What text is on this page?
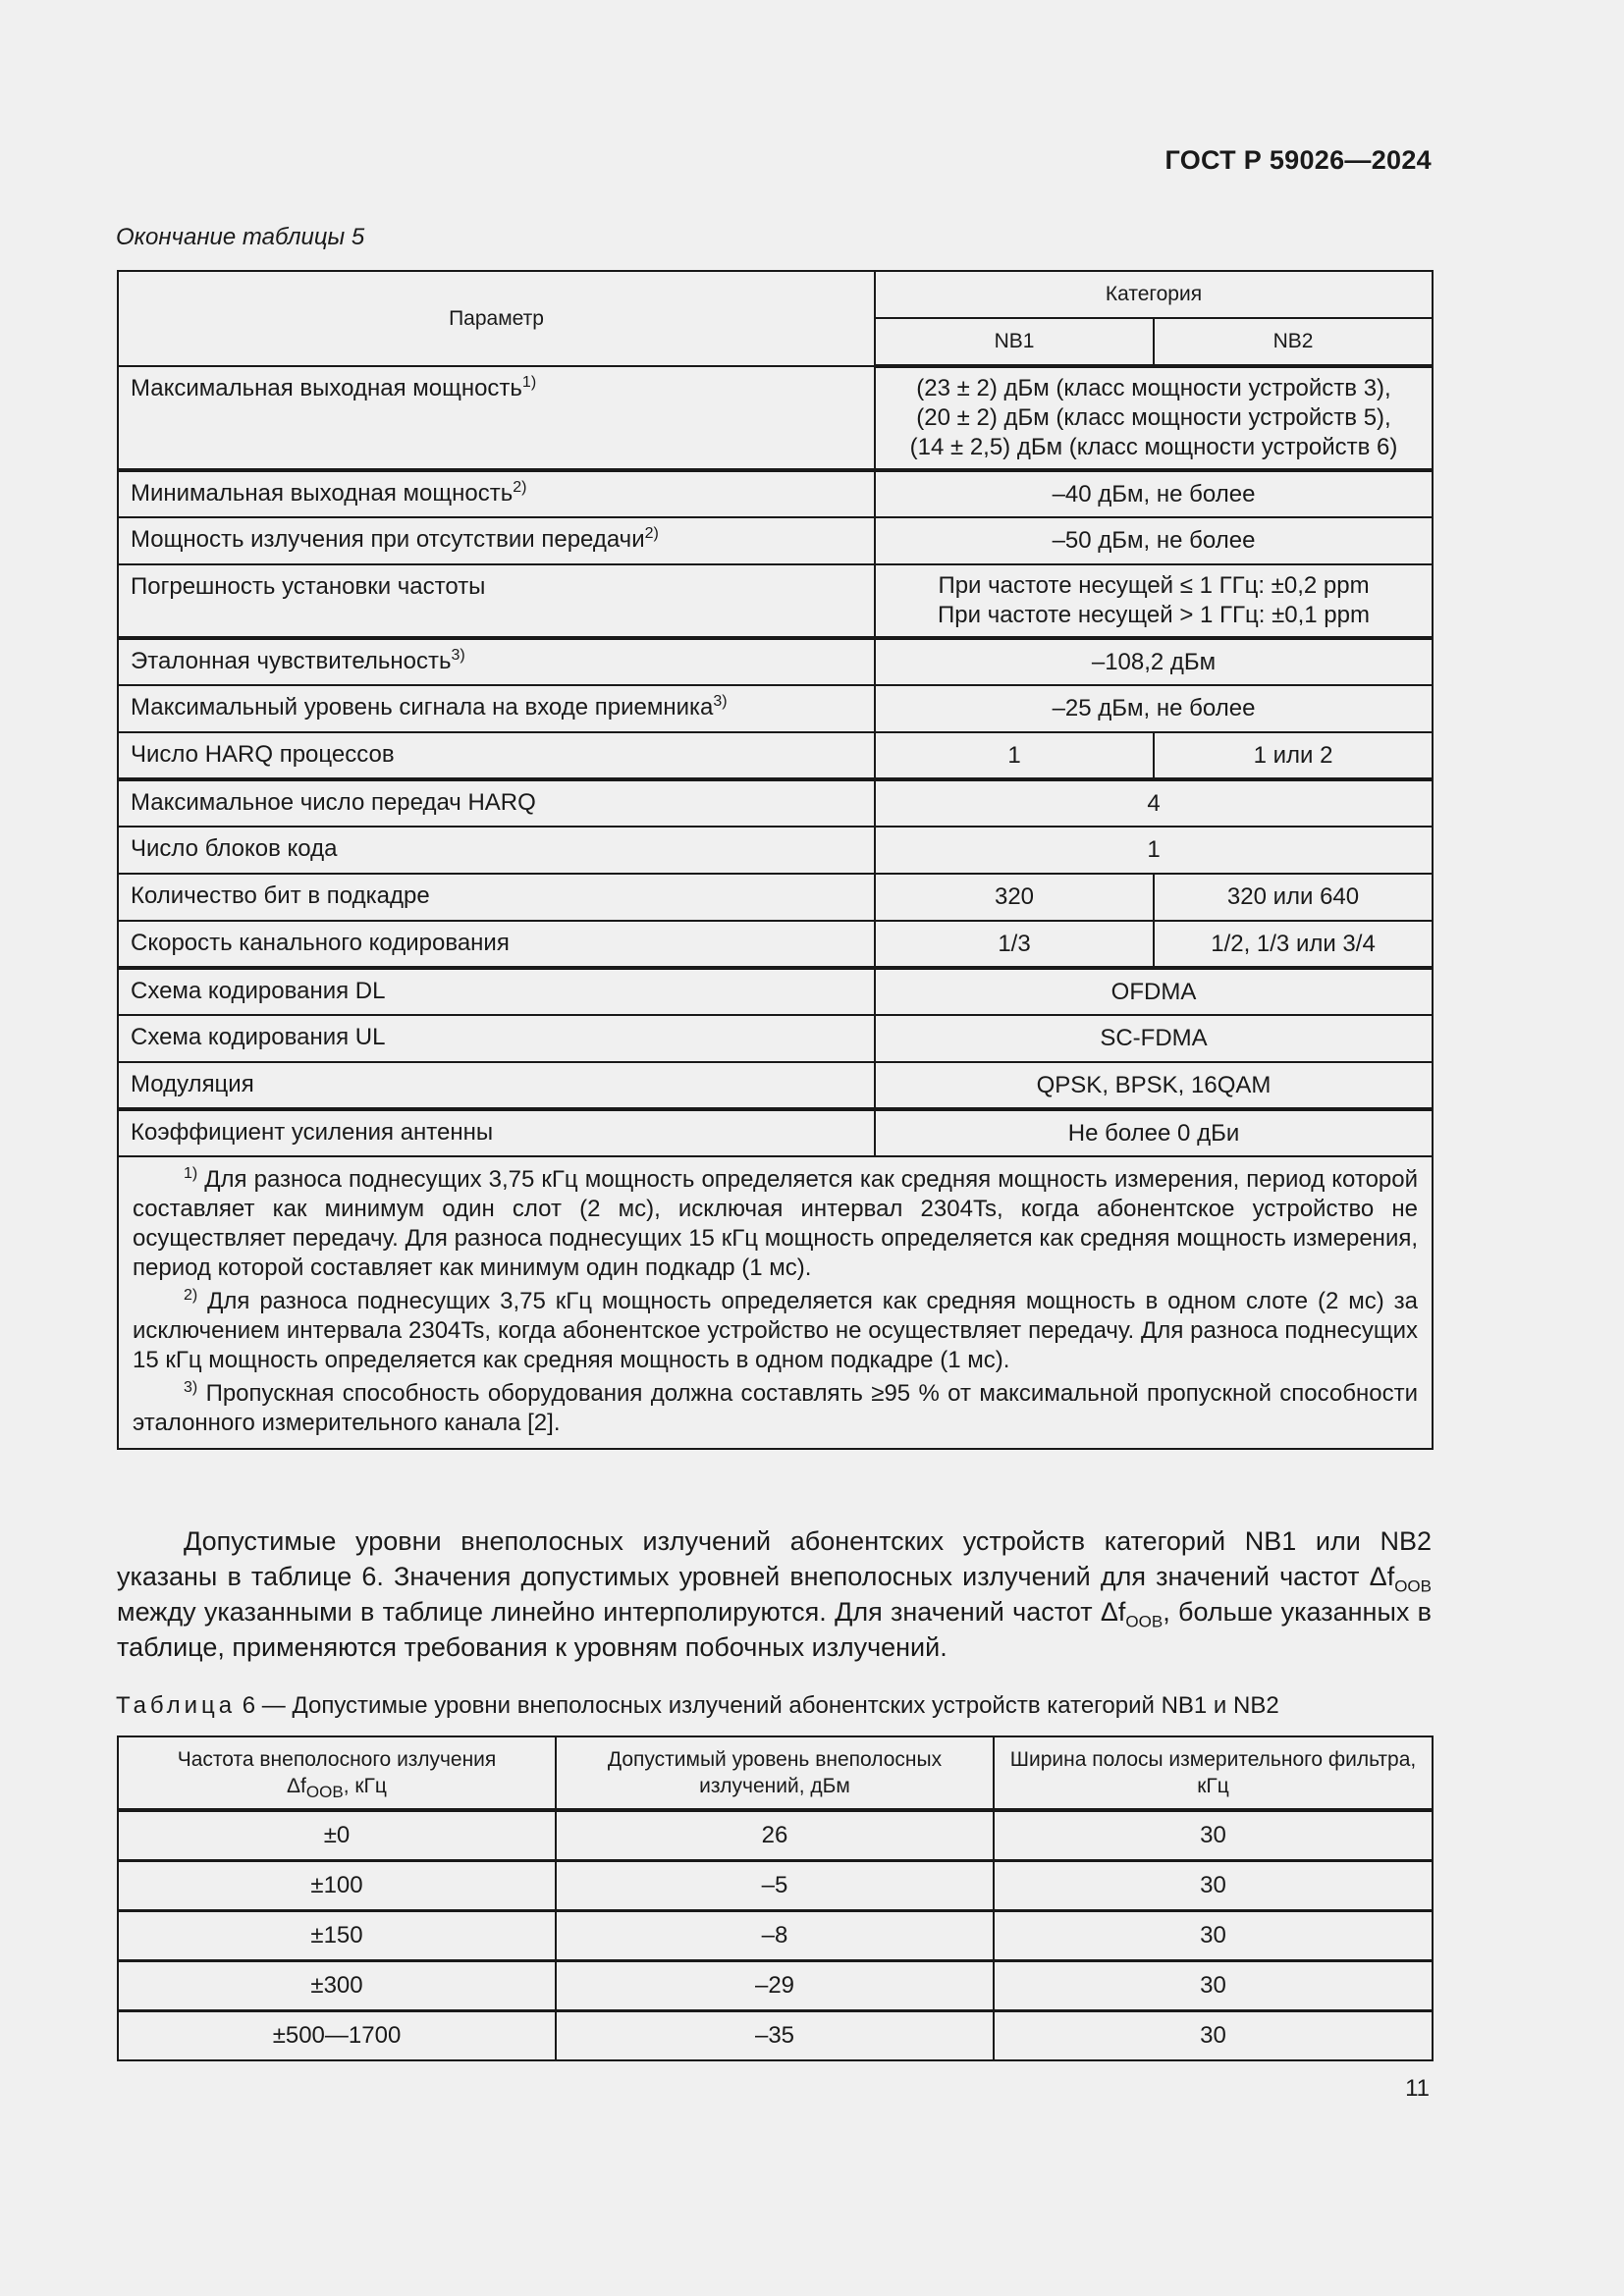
ГОСТ Р 59026—2024
Окончание таблицы 5
Параметр	Категория	
	NB1	NB2
Максимальная выходная мощность$^{1)}$	(23 ± 2) дБм (класс мощности устройств 3),
(20 ± 2) дБм (класс мощности устройств 5),
(14 ± 2,5) дБм (класс мощности устройств 6)	

Минимальная выходная мощность$^{2)}$	–40 дБм, не более	
Мощность излучения при отсутствии передачи$^{2)}$	–50 дБм, не более	
Погрешность установки частоты	При частоте несущей ≤ 1 ГГц: ±0,2 ppm
При частоте несущей > 1 ГГц: ±0,1 ppm	

Эталонная чувствительность$^{3)}$	–108,2 дБм	
Максимальный уровень сигнала на входе приемника$^{3)}$	–25 дБм, не более	
Число HARQ процессов	1	1 или 2
Максимальное число передач HARQ	4	
Число блоков кода	1	
Количество бит в подкадре	320	320 или 640
Скорость канального кодирования	1/3	1/2, 1/3 или 3/4
Схема кодирования DL	OFDMA	
Схема кодирования UL	SC-FDMA	
Модуляция	QPSK, BPSK, 16QAM	
Коэффициент усиления антенны	Не более 0 дБи	

$^{1)}$ Для разноса поднесущих 3,75 кГц мощность определяется как средняя мощность измерения, период которой составляет как минимум один слот (2 мс), исключая интервал 2304Ts, когда абонентское устройство не осуществляет передачу. Для разноса поднесущих 15 кГц мощность определяется как средняя мощность измерения, период которой составляет как минимум один подкадр (1 мс).

$^{2)}$ Для разноса поднесущих 3,75 кГц мощность определяется как средняя мощность в одном слоте (2 мс) за исключением интервала 2304Ts, когда абонентское устройство не осуществляет передачу. Для разноса поднесущих 15 кГц мощность определяется как средняя мощность в одном подкадре (1 мс).

$^{3)}$ Пропускная способность оборудования должна составлять ≥95 % от максимальной пропускной способности эталонного измерительного канала [2].		

Допустимые уровни внеполосных излучений абонентских устройств категорий NB1 или NB2 указаны в таблице 6. Значения допустимых уровней внеполосных излучений для значений частот $\Delta f_{OOB}$ между указанными в таблице линейно интерполируются. Для значений частот $\Delta f_{OOB}$, больше указанных в таблице, применяются требования к уровням побочных излучений.

Таблица 6 — Допустимые уровни внеполосных излучений абонентских устройств категорий NB1 и NB2
Частота внеполосного излучения
$\Delta f_{OOB}$, кГц	Допустимый уровень внеполосных излучений, дБм	Ширина полосы измерительного фильтра, кГц
±0	26	30
±100	–5	30
±150	–8	30
±300	–29	30
±500—1700	–35	30
11
